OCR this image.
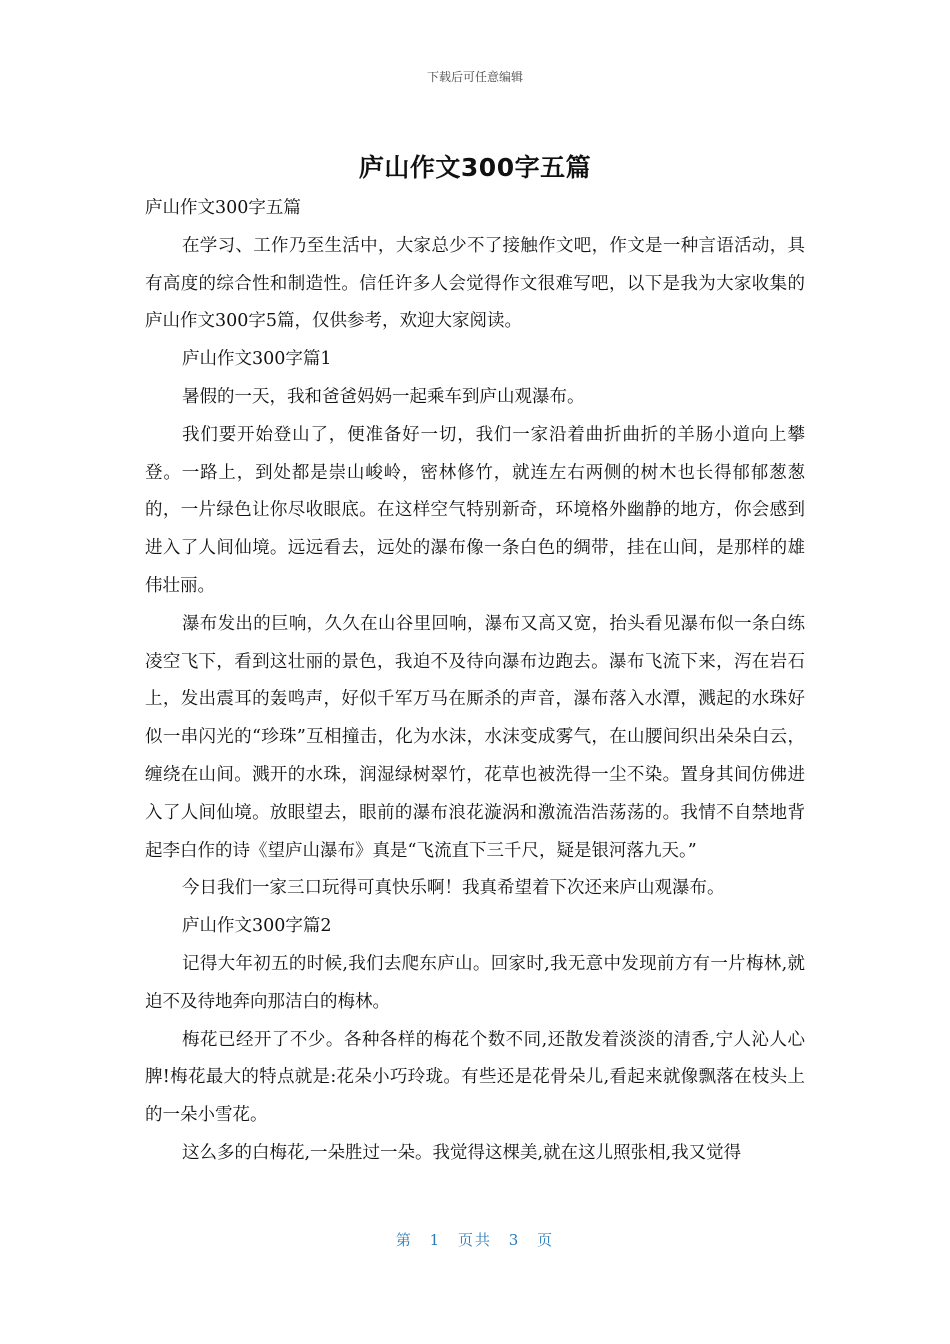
下载后可任意编辑
庐山作文300字五篇

庐山作文300字五篇

在学习、工作乃至生活中，大家总少不了接触作文吧，作文是一种言语活动，具有高度的综合性和制造性。信任许多人会觉得作文很难写吧，以下是我为大家收集的庐山作文300字5篇，仅供参考，欢迎大家阅读。

庐山作文300字篇1

暑假的一天，我和爸爸妈妈一起乘车到庐山观瀑布。

我们要开始登山了，便准备好一切，我们一家沿着曲折曲折的羊肠小道向上攀登。一路上，到处都是崇山峻岭，密林修竹，就连左右两侧的树木也长得郁郁葱葱的，一片绿色让你尽收眼底。在这样空气特别新奇，环境格外幽静的地方，你会感到进入了人间仙境。远远看去，远处的瀑布像一条白色的绸带，挂在山间，是那样的雄伟壮丽。

瀑布发出的巨响，久久在山谷里回响，瀑布又高又宽，抬头看见瀑布似一条白练凌空飞下，看到这壮丽的景色，我迫不及待向瀑布边跑去。瀑布飞流下来，泻在岩石上，发出震耳的轰鸣声，好似千军万马在厮杀的声音，瀑布落入水潭，溅起的水珠好似一串闪光的“珍珠”互相撞击，化为水沫，水沫变成雾气，在山腰间织出朵朵白云，缠绕在山间。溅开的水珠，润湿绿树翠竹，花草也被洗得一尘不染。置身其间仿佛进入了人间仙境。放眼望去，眼前的瀑布浪花漩涡和激流浩浩荡荡的。我情不自禁地背起李白作的诗《望庐山瀑布》真是“飞流直下三千尺，疑是银河落九天。”

今日我们一家三口玩得可真快乐啊！我真希望着下次还来庐山观瀑布。

庐山作文300字篇2

记得大年初五的时候,我们去爬东庐山。回家时,我无意中发现前方有一片梅林,就迫不及待地奔向那洁白的梅林。

梅花已经开了不少。各种各样的梅花个数不同,还散发着淡淡的清香,宁人沁人心脾!梅花最大的特点就是:花朵小巧玲珑。有些还是花骨朵儿,看起来就像飘落在枝头上的一朵小雪花。

这么多的白梅花,一朵胜过一朵。我觉得这棵美,就在这儿照张相,我又觉得

第 1 页共 3 页
